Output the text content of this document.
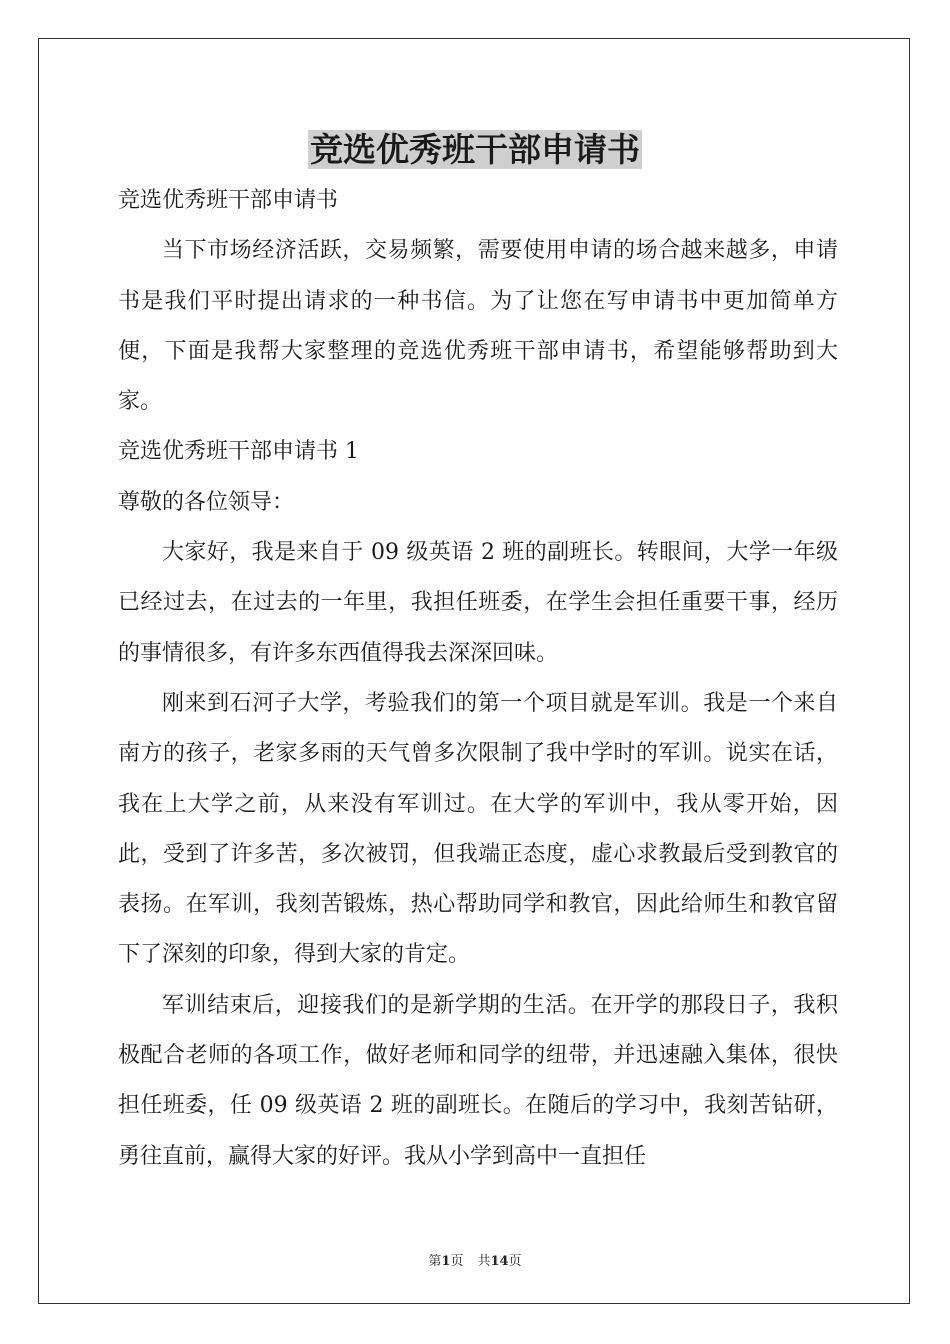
竞选优秀班干部申请书

竞选优秀班干部申请书

当下市场经济活跃，交易频繁，需要使用申请的场合越来越多，申请书是我们平时提出请求的一种书信。为了让您在写申请书中更加简单方便，下面是我帮大家整理的竞选优秀班干部申请书，希望能够帮助到大家。

竞选优秀班干部申请书 1

尊敬的各位领导：

大家好，我是来自于 09 级英语 2 班的副班长。转眼间，大学一年级已经过去，在过去的一年里，我担任班委，在学生会担任重要干事，经历的事情很多，有许多东西值得我去深深回味。

刚来到石河子大学，考验我们的第一个项目就是军训。我是一个来自南方的孩子，老家多雨的天气曾多次限制了我中学时的军训。说实在话，我在上大学之前，从来没有军训过。在大学的军训中，我从零开始，因此，受到了许多苦，多次被罚，但我端正态度，虚心求教最后受到教官的表扬。在军训，我刻苦锻炼，热心帮助同学和教官，因此给师生和教官留下了深刻的印象，得到大家的肯定。

军训结束后，迎接我们的是新学期的生活。在开学的那段日子，我积极配合老师的各项工作，做好老师和同学的纽带，并迅速融入集体，很快担任班委，任 09 级英语 2 班的副班长。在随后的学习中，我刻苦钻研，勇往直前，赢得大家的好评。我从小学到高中一直担任

第1页 共14页
